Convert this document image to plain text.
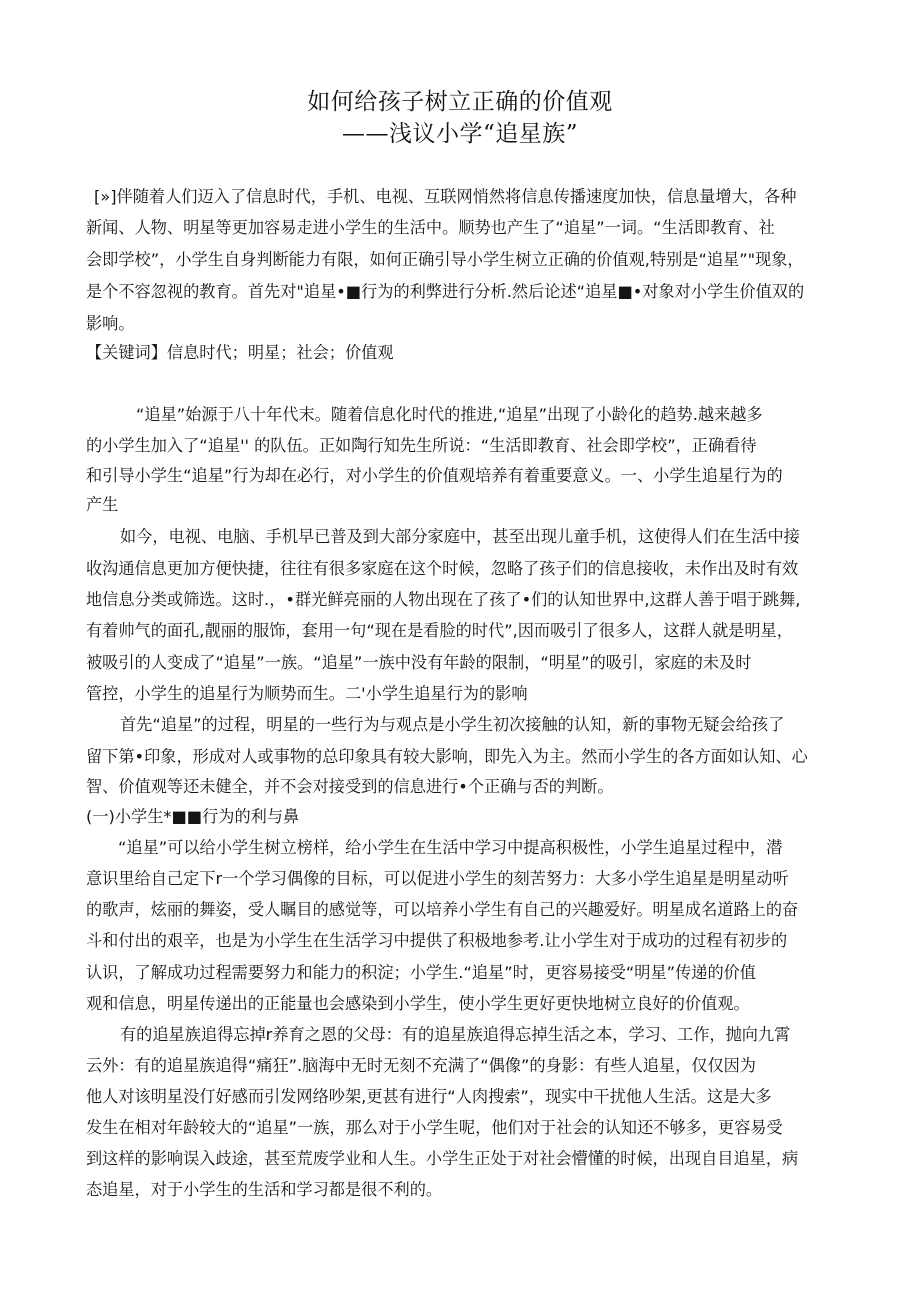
如何给孩子树立正确的价值观
——浅议小学“追星族”
[»]伴随着人们迈入了信息时代，手机、电视、互联网悄然将信息传播速度加快，信息量增大，各种
新闻、人物、明星等更加容易走进小学生的生活中。顺势也产生了“追星”一词。“生活即教育、社
会即学校”，小学生自身判断能力有限，如何正确引导小学生树立正确的价值观,特别是“追星”"现象，
是个不容忽视的教育。首先对"追星•■行为的利弊进行分析.然后论述“追星■•对象对小学生价值双的
影响。
【关键词】信息时代；明星；社会；价值观
“追星”始源于八十年代末。随着信息化时代的推进,“追星”出现了小龄化的趋势.越来越多
的小学生加入了“追星'' 的队伍。正如陶行知先生所说：“生活即教育、社会即学校”，正确看待
和引导小学生“追星”行为却在必行，对小学生的价值观培养有着重要意义。一、小学生追星行为的
产生
如今，电视、电脑、手机早已普及到大部分家庭中，甚至出现儿童手机，这使得人们在生活中接
收沟通信息更加方便快捷，往往有很多家庭在这个时候，忽略了孩子们的信息接收，未作出及时有效
地信息分类或筛选。这时.，•群光鲜亮丽的人物出现在了孩了•们的认知世界中,这群人善于唱于跳舞,
有着帅气的面孔,靓丽的服饰，套用一句“现在是看脸的时代”,因而吸引了很多人，这群人就是明星，
被吸引的人变成了“追星”一族。“追星”一族中没有年龄的限制，“明星”的吸引，家庭的未及时
管控，小学生的追星行为顺势而生。二'小学生追星行为的影响
首先“追星”的过程，明星的一些行为与观点是小学生初次接触的认知，新的事物无疑会给孩了
留下第•印象，形成对人或事物的总印象具有较大影响，即先入为主。然而小学生的各方面如认知、心
智、价值观等还未健全，并不会对接受到的信息进行•个正确与否的判断。
(一)小学生*■■行为的利与鼻
“追星”可以给小学生树立榜样，给小学生在生活中学习中提高积极性，小学生追星过程中，潜
意识里给自己定下r一个学习偶像的目标，可以促进小学生的刻苦努力：大多小学生追星是明星动听
的歌声，炫丽的舞姿，受人瞩目的感觉等，可以培养小学生有自己的兴趣爱好。明星成名道路上的奋
斗和付出的艰辛，也是为小学生在生活学习中提供了积极地参考.让小学生对于成功的过程有初步的
认识，了解成功过程需要努力和能力的积淀；小学生.“追星”时，更容易接受“明星”传递的价值
观和信息，明星传递出的正能量也会感染到小学生，使小学生更好更快地树立良好的价值观。
有的追星族追得忘掉r养育之恩的父母：有的追星族追得忘掉生活之本，学习、工作，抛向九霄
云外：有的追星族追得“痛狂”.脑海中无时无刻不充满了“偶像”的身影：有些人追星，仅仅因为
他人对该明星没仃好感而引发网络吵架,更甚有进行“人肉搜索”，现实中干扰他人生活。这是大多
发生在相对年龄较大的“追星”一族，那么对于小学生呢，他们对于社会的认知还不够多，更容易受
到这样的影响误入歧途，甚至荒废学业和人生。小学生正处于对社会懵懂的时候，出现自目追星，病
态追星，对于小学生的生活和学习都是很不利的。
